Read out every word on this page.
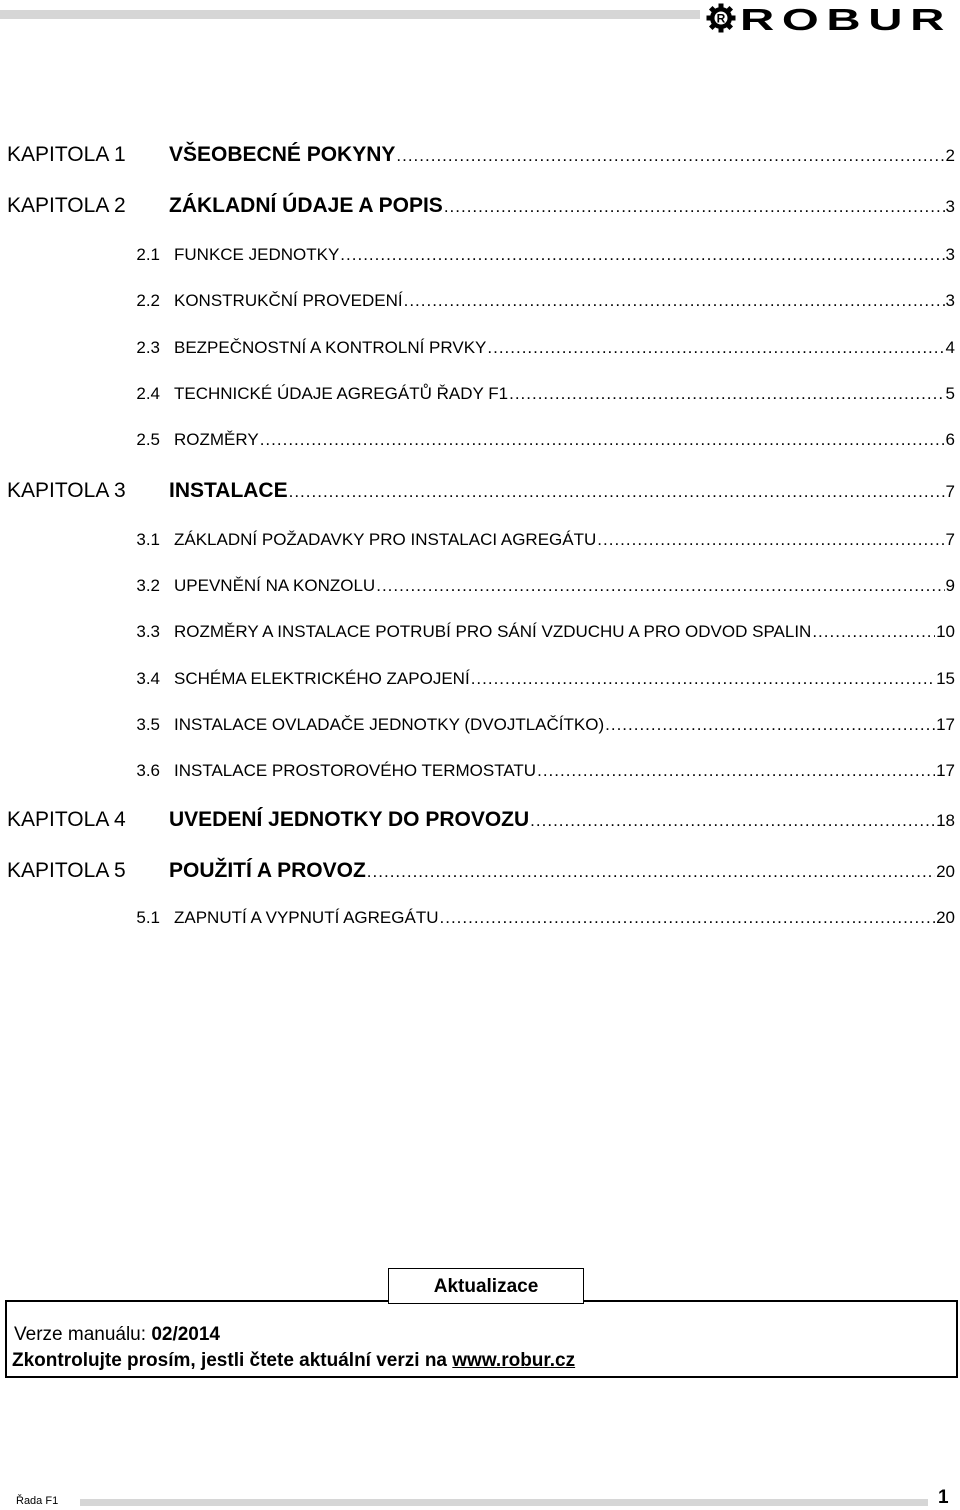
R ROBUR
KAPITOLA 1	VŠEOBECNÉ POKYNY .....	2
KAPITOLA 2	ZÁKLADNÍ ÚDAJE A POPIS .....	3
2.1 FUNKCE JEDNOTKY .....	3
2.2 KONSTRUKČNÍ PROVEDENÍ .....	3
2.3 BEZPEČNOSTNÍ A KONTROLNÍ PRVKY .....	4
2.4 TECHNICKÉ ÚDAJE AGREGÁTŮ ŘADY F1 .....	5
2.5 ROZMĚRY .....	6
KAPITOLA 3	INSTALACE .....	7
3.1 ZÁKLADNÍ POŽADAVKY PRO INSTALACI AGREGÁTU .....	7
3.2 UPEVNĚNÍ NA KONZOLU .....	9
3.3 ROZMĚRY A INSTALACE POTRUBÍ PRO SÁNÍ VZDUCHU A PRO ODVOD SPALIN .....	10
3.4 SCHÉMA ELEKTRICKÉHO ZAPOJENÍ .....	15
3.5 INSTALACE OVLADAČE JEDNOTKY (DVOJTLAČÍTKO) .....	17
3.6 INSTALACE PROSTOROVÉHO TERMOSTATU .....	17
KAPITOLA 4	UVEDENÍ JEDNOTKY DO PROVOZU .....	18
KAPITOLA 5	POUŽITÍ A PROVOZ .....	20
5.1 ZAPNUTÍ A VYPNUTÍ AGREGÁTU .....	20
Aktualizace
Verze manuálu: 02/2014
Zkontrolujte prosím, jestli čtete aktuální verzi na www.robur.cz
Řada F1	1
